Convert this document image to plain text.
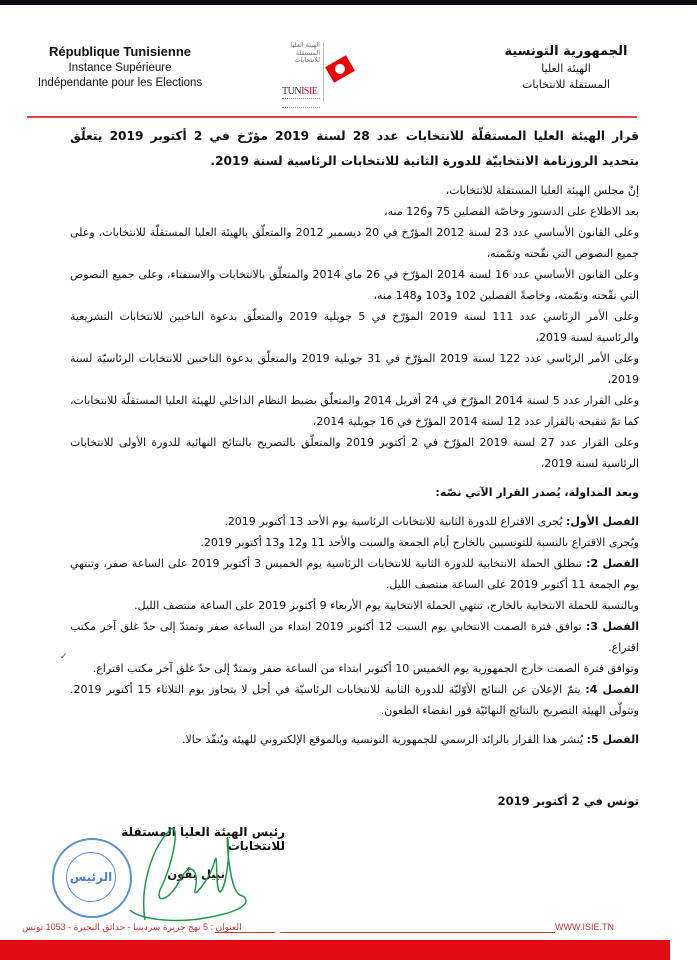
République Tunisienne
Instance Supérieure
Indépendante pour les Elections
الهيئة العليا المستقلة للانتخابات
TUNISIE
الجمهورية التونسية
الهيئة العليا
المستقلة للانتخابات
قرار الهيئة العليا المستقلّة للانتخابات عدد 28 لسنة 2019 مؤرّخ في 2 أكتوبر 2019 يتعلّق بتحديد الروزنامة الانتخابيّة للدورة الثانية للانتخابات الرئاسية لسنة 2019.

إنّ مجلس الهيئة العليا المستقلة للانتخابات،

بعد الاطلاع على الدستور وخاصّة الفصلين 75 و126 منه،

وعلى القانون الأساسي عدد 23 لسنة 2012 المؤرّخ في 20 ديسمبر 2012 والمتعلّق بالهيئة العليا المستقلّة للانتخابات، وعلى جميع النصوص التي نقّحته وتمّمته،

وعلى القانون الأساسي عدد 16 لسنة 2014 المؤرّخ في 26 ماي 2014 والمتعلّق بالانتخابات والاستفتاء، وعلى جميع النصوص التي نقّحته وتمّمته، وخاصةً الفصلين 102 و103 و148 منه،

وعلى الأمر الرئاسي عدد 111 لسنة 2019 المؤرّخ في 5 جويلية 2019 والمتعلّق بدعوة الناخبين للانتخابات التشريعية والرئاسية لسنة 2019،

وعلى الأمر الرئاسي عدد 122 لسنة 2019 المؤرّخ في 31 جويلية 2019 والمتعلّق بدعوة الناخبين للانتخابات الرئاسيّة لسنة 2019،

وعلى القرار عدد 5 لسنة 2014 المؤرّخ في 24 أفريل 2014 والمتعلّق بضبط النظام الداخلي للهيئة العليا المستقلّة للانتخابات، كما تمّ تنقيحه بالقرار عدد 12 لسنة 2014 المؤرّخ في 16 جويلية 2014،

وعلى القرار عدد 27 لسنة 2019 المؤرّخ في 2 أكتوبر 2019 والمتعلّق بالتصريح بالنتائج النهائية للدورة الأولى للانتخابات الرئاسية لسنة 2019،

وبعد المداولة، يُصدر القرار الآتي نصّه:

الفصل الأول: يُجرى الاقتراع للدورة الثانية للانتخابات الرئاسية يوم الأحد 13 أكتوبر 2019.

ويُجرى الاقتراع بالنسبة للتونسيين بالخارج أيام الجمعة والسبت والأحد 11 و12 و13 أكتوبر 2019.

الفصل 2: تنطلق الحملة الانتخابية للدورة الثانية للانتخابات الرئاسية يوم الخميس 3 أكتوبر 2019 على الساعة صفر، وتنتهي يوم الجمعة 11 أكتوبر 2019 على الساعة منتصف الليل.

وبالنسبة للحملة الانتخابية بالخارج، تنتهي الحملة الانتخابية يوم الأربعاء 9 أكتوبر 2019 على الساعة منتصف الليل.

الفصل 3: توافق فترة الصمت الانتخابي يوم السبت 12 أكتوبر 2019 ابتداء من الساعة صفر وتمتدّ إلى حدّ غلق آخر مكتب اقتراع.

وتوافق فترة الصمت خارج الجمهورية يوم الخميس 10 أكتوبر ابتداء من الساعة صفر وتمتدّ إلى حدّ غلق آخر مكتب اقتراع.

الفصل 4: يتمّ الإعلان عن النتائج الأوّليّة للدورة الثانية للانتخابات الرئاسيّة في أجل لا يتجاوز يوم الثلاثاء 15 أكتوبر 2019. وتتولّى الهيئة التصريح بالنتائج النهائيّة فور انقضاء الطعون.

الفصل 5: يُنشر هذا القرار بالرائد الرسمي للجمهورية التونسية وبالموقع الإلكتروني للهيئة ويُنفّذ حالا.

✓
تونس في 2 أكتوبر 2019
الرئيس
رئيس الهيئة العليا المستقلة للانتخابات
نبيل بفّون
العنوان : 5 نهج جزيرة سردينيا - حدائق البحيرة - 1053 تونس	WWW.ISIE.TN
